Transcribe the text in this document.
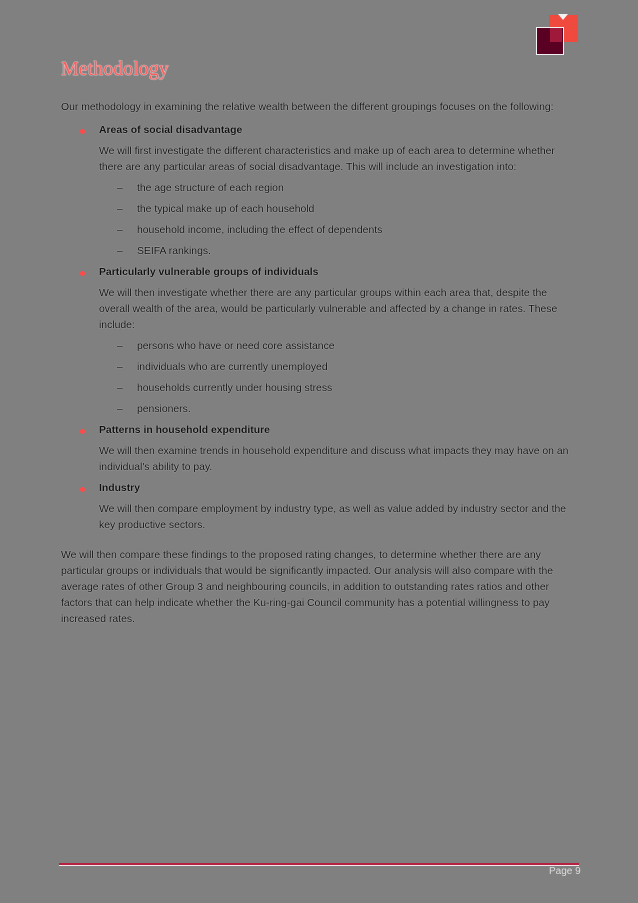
Methodology

Our methodology in examining the relative wealth between the different groupings focuses on the following:

Areas of social disadvantage

We will first investigate the different characteristics and make up of each area to determine whether there are any particular areas of social disadvantage. This will include an investigation into:

– the age structure of each region
– the typical make up of each household
– household income, including the effect of dependents
– SEIFA rankings.

Particularly vulnerable groups of individuals

We will then investigate whether there are any particular groups within each area that, despite the overall wealth of the area, would be particularly vulnerable and affected by a change in rates. These include:

– persons who have or need core assistance
– individuals who are currently unemployed
– households currently under housing stress
– pensioners.

Patterns in household expenditure

We will then examine trends in household expenditure and discuss what impacts they may have on an individual's ability to pay.

Industry

We will then compare employment by industry type, as well as value added by industry sector and the key productive sectors.

We will then compare these findings to the proposed rating changes, to determine whether there are any particular groups or individuals that would be significantly impacted. Our analysis will also compare with the average rates of other Group 3 and neighbouring councils, in addition to outstanding rates ratios and other factors that can help indicate whether the Ku-ring-gai Council community has a potential willingness to pay increased rates.

Page 9
